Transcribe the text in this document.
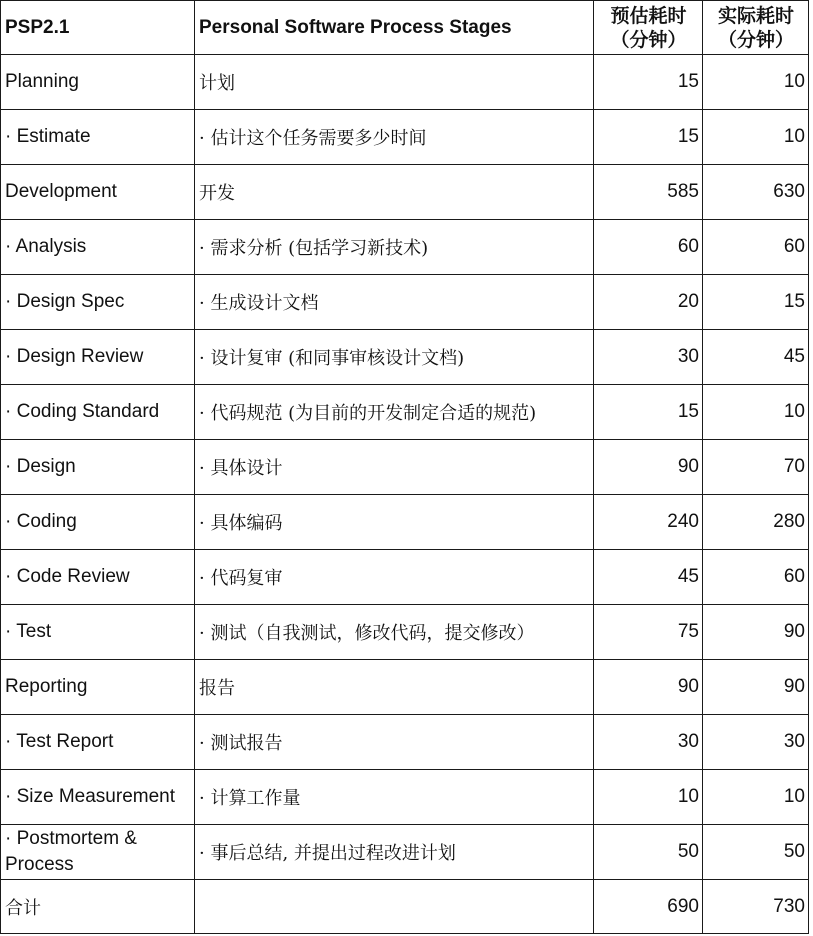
PSP2.1	Personal Software Process Stages	预估耗时（分钟）	实际耗时（分钟）
Planning	计划	15	10
· Estimate	· 估计这个任务需要多少时间	15	10
Development	开发	585	630
· Analysis	· 需求分析 (包括学习新技术)	60	60
· Design Spec	· 生成设计文档	20	15
· Design Review	· 设计复审 (和同事审核设计文档)	30	45
· Coding Standard	· 代码规范 (为目前的开发制定合适的规范)	15	10
· Design	· 具体设计	90	70
· Coding	· 具体编码	240	280
· Code Review	· 代码复审	45	60
· Test	· 测试（自我测试，修改代码，提交修改）	75	90
Reporting	报告	90	90
· Test Report	· 测试报告	30	30
· Size Measurement	· 计算工作量	10	10
· Postmortem & Process	· 事后总结, 并提出过程改进计划	50	50
合计		690	730
